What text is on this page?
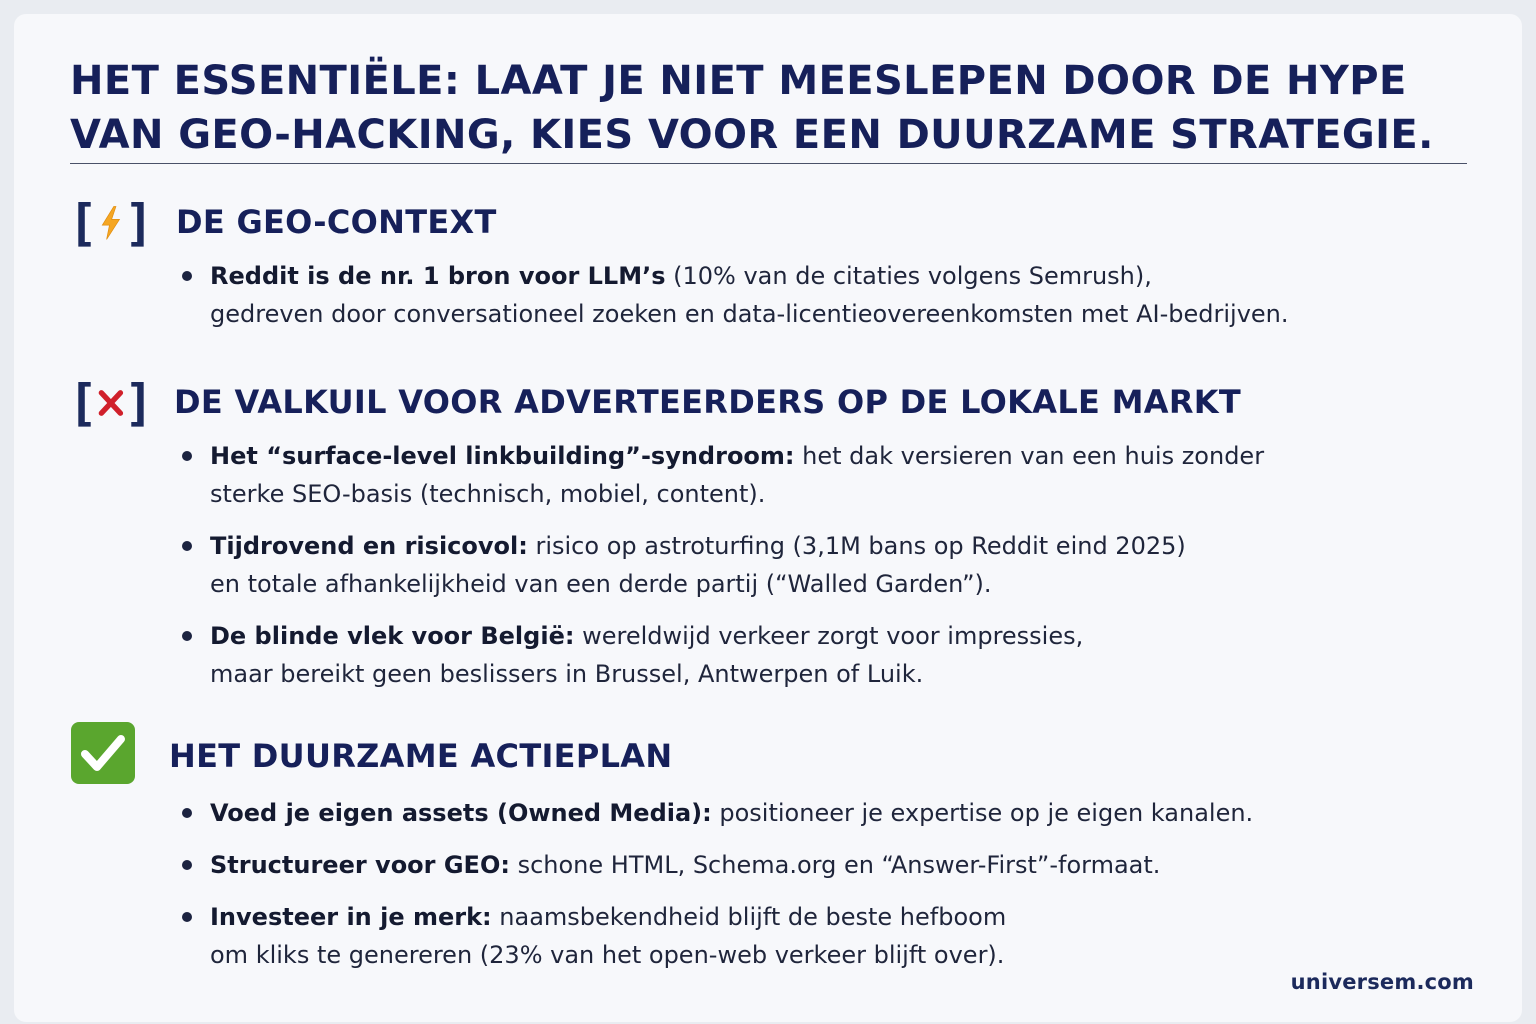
HET ESSENTIËLE: LAAT JE NIET MEESLEPEN DOOR DE HYPE
VAN GEO-HACKING, KIES VOOR EEN DUURZAME STRATEGIE.
[ ] DE GEO-CONTEXT
Reddit is de nr. 1 bron voor LLM’s (10% van de citaties volgens Semrush),
gedreven door conversationeel zoeken en data-licentieovereenkomsten met AI-bedrijven.
[ ] DE VALKUIL VOOR ADVERTEERDERS OP DE LOKALE MARKT
Het “surface-level linkbuilding”-syndroom: het dak versieren van een huis zonder
sterke SEO-basis (technisch, mobiel, content).
Tijdrovend en risicovol: risico op astroturfing (3,1M bans op Reddit eind 2025)
en totale afhankelijkheid van een derde partij (“Walled Garden”).
De blinde vlek voor België: wereldwijd verkeer zorgt voor impressies,
maar bereikt geen beslissers in Brussel, Antwerpen of Luik.
HET DUURZAME ACTIEPLAN
Voed je eigen assets (Owned Media): positioneer je expertise op je eigen kanalen.
Structureer voor GEO: schone HTML, Schema.org en “Answer-First”-formaat.
Investeer in je merk: naamsbekendheid blijft de beste hefboom
om kliks te genereren (23% van het open-web verkeer blijft over).
universem.com
